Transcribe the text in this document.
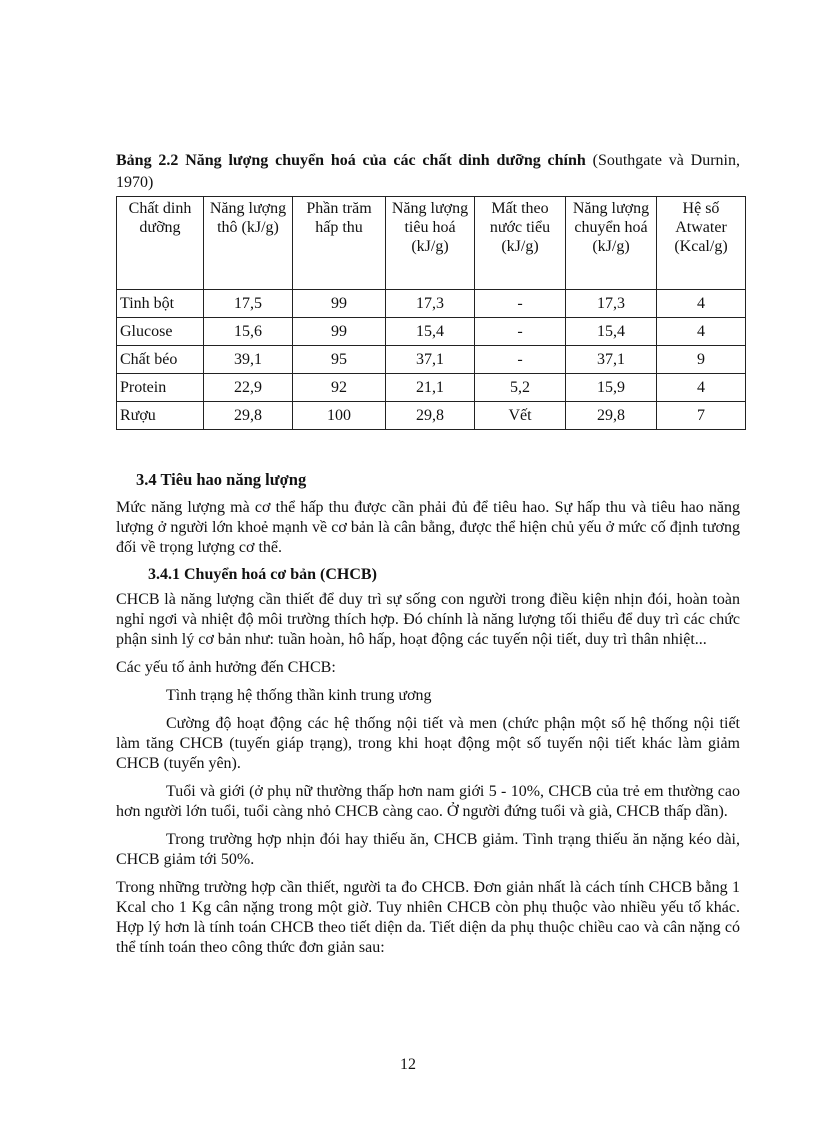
Bảng 2.2 Năng lượng chuyển hoá của các chất dinh dưỡng chính (Southgate và Durnin, 1970)

Chất dinh dưỡng	Năng lượng thô (kJ/g)	Phần trăm hấp thu	Năng lượng tiêu hoá (kJ/g)	Mất theo nước tiểu (kJ/g)	Năng lượng chuyển hoá (kJ/g)	Hệ số Atwater (Kcal/g)
Tinh bột	17,5	99	17,3	-	17,3	4
Glucose	15,6	99	15,4	-	15,4	4
Chất béo	39,1	95	37,1	-	37,1	9
Protein	22,9	92	21,1	5,2	15,9	4
Rượu	29,8	100	29,8	Vết	29,8	7
3.4 Tiêu hao năng lượng

Mức năng lượng mà cơ thể hấp thu được cần phải đủ để tiêu hao. Sự hấp thu và tiêu hao năng lượng ở người lớn khoẻ mạnh về cơ bản là cân bằng, được thể hiện chủ yếu ở mức cố định tương đối về trọng lượng cơ thể.

3.4.1 Chuyển hoá cơ bản (CHCB)

CHCB là năng lượng cần thiết để duy trì sự sống con người trong điều kiện nhịn đói, hoàn toàn nghỉ ngơi và nhiệt độ môi trường thích hợp. Đó chính là năng lượng tối thiểu để duy trì các chức phận sinh lý cơ bản như: tuần hoàn, hô hấp, hoạt động các tuyến nội tiết, duy trì thân nhiệt...

Các yếu tố ảnh hưởng đến CHCB:

Tình trạng hệ thống thần kinh trung ương

Cường độ hoạt động các hệ thống nội tiết và men (chức phận một số hệ thống nội tiết làm tăng CHCB (tuyến giáp trạng), trong khi hoạt động một số tuyến nội tiết khác làm giảm CHCB (tuyến yên).

Tuổi và giới (ở phụ nữ thường thấp hơn nam giới 5 - 10%, CHCB của trẻ em thường cao hơn người lớn tuổi, tuổi càng nhỏ CHCB càng cao. Ở người đứng tuổi và già, CHCB thấp dần).

Trong trường hợp nhịn đói hay thiếu ăn, CHCB giảm. Tình trạng thiếu ăn nặng kéo dài, CHCB giảm tới 50%.

Trong những trường hợp cần thiết, người ta đo CHCB. Đơn giản nhất là cách tính CHCB bằng 1 Kcal cho 1 Kg cân nặng trong một giờ. Tuy nhiên CHCB còn phụ thuộc vào nhiều yếu tố khác. Hợp lý hơn là tính toán CHCB theo tiết diện da. Tiết diện da phụ thuộc chiều cao và cân nặng có thể tính toán theo công thức đơn giản sau:

12
